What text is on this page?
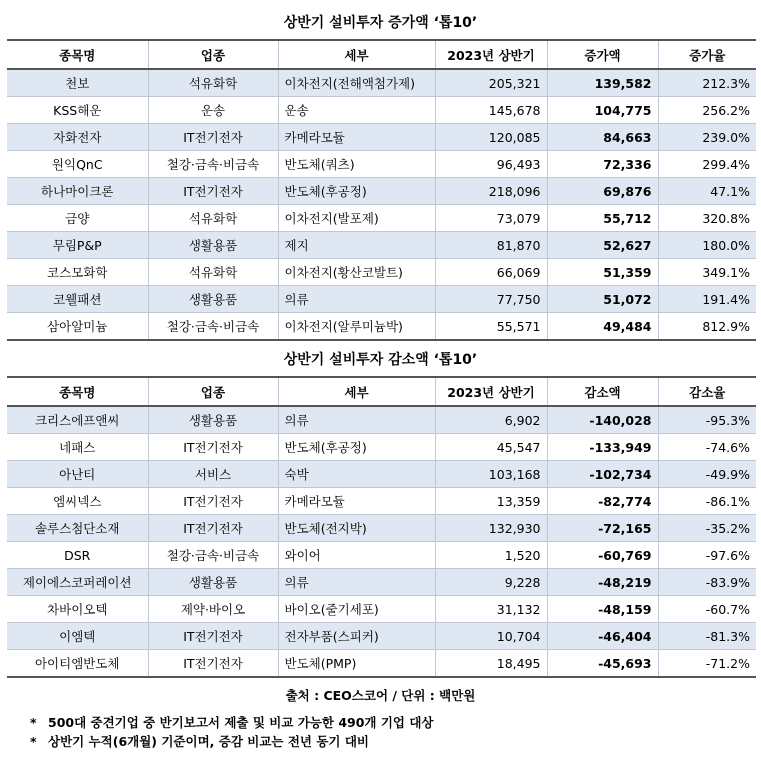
상반기 설비투자 증가액 ‘톱10’
종목명	업종	세부	2023년 상반기	증가액	증가율
천보	석유화학	이차전지(전해액첨가제)	205,321	139,582	212.3%
KSS해운	운송	운송	145,678	104,775	256.2%
자화전자	IT전기전자	카메라모듈	120,085	84,663	239.0%
원익QnC	철강·금속·비금속	반도체(쿼츠)	96,493	72,336	299.4%
하나마이크론	IT전기전자	반도체(후공정)	218,096	69,876	47.1%
금양	석유화학	이차전지(발포제)	73,079	55,712	320.8%
무림P&P	생활용품	제지	81,870	52,627	180.0%
코스모화학	석유화학	이차전지(황산코발트)	66,069	51,359	349.1%
코웰패션	생활용품	의류	77,750	51,072	191.4%
삼아알미늄	철강·금속·비금속	이차전지(알루미늄박)	55,571	49,484	812.9%
상반기 설비투자 감소액 ‘톱10’
종목명	업종	세부	2023년 상반기	감소액	감소율
크리스에프앤씨	생활용품	의류	6,902	-140,028	-95.3%
네패스	IT전기전자	반도체(후공정)	45,547	-133,949	-74.6%
아난티	서비스	숙박	103,168	-102,734	-49.9%
엠씨넥스	IT전기전자	카메라모듈	13,359	-82,774	-86.1%
솔루스첨단소재	IT전기전자	반도체(전지박)	132,930	-72,165	-35.2%
DSR	철강·금속·비금속	와이어	1,520	-60,769	-97.6%
제이에스코퍼레이션	생활용품	의류	9,228	-48,219	-83.9%
차바이오텍	제약·바이오	바이오(줄기세포)	31,132	-48,159	-60.7%
이엠텍	IT전기전자	전자부품(스피커)	10,704	-46,404	-81.3%
아이티엠반도체	IT전기전자	반도체(PMP)	18,495	-45,693	-71.2%
출처 : CEO스코어 / 단위 : 백만원
* 500대 중견기업 중 반기보고서 제출 및 비교 가능한 490개 기업 대상
* 상반기 누적(6개월) 기준이며, 증감 비교는 전년 동기 대비
